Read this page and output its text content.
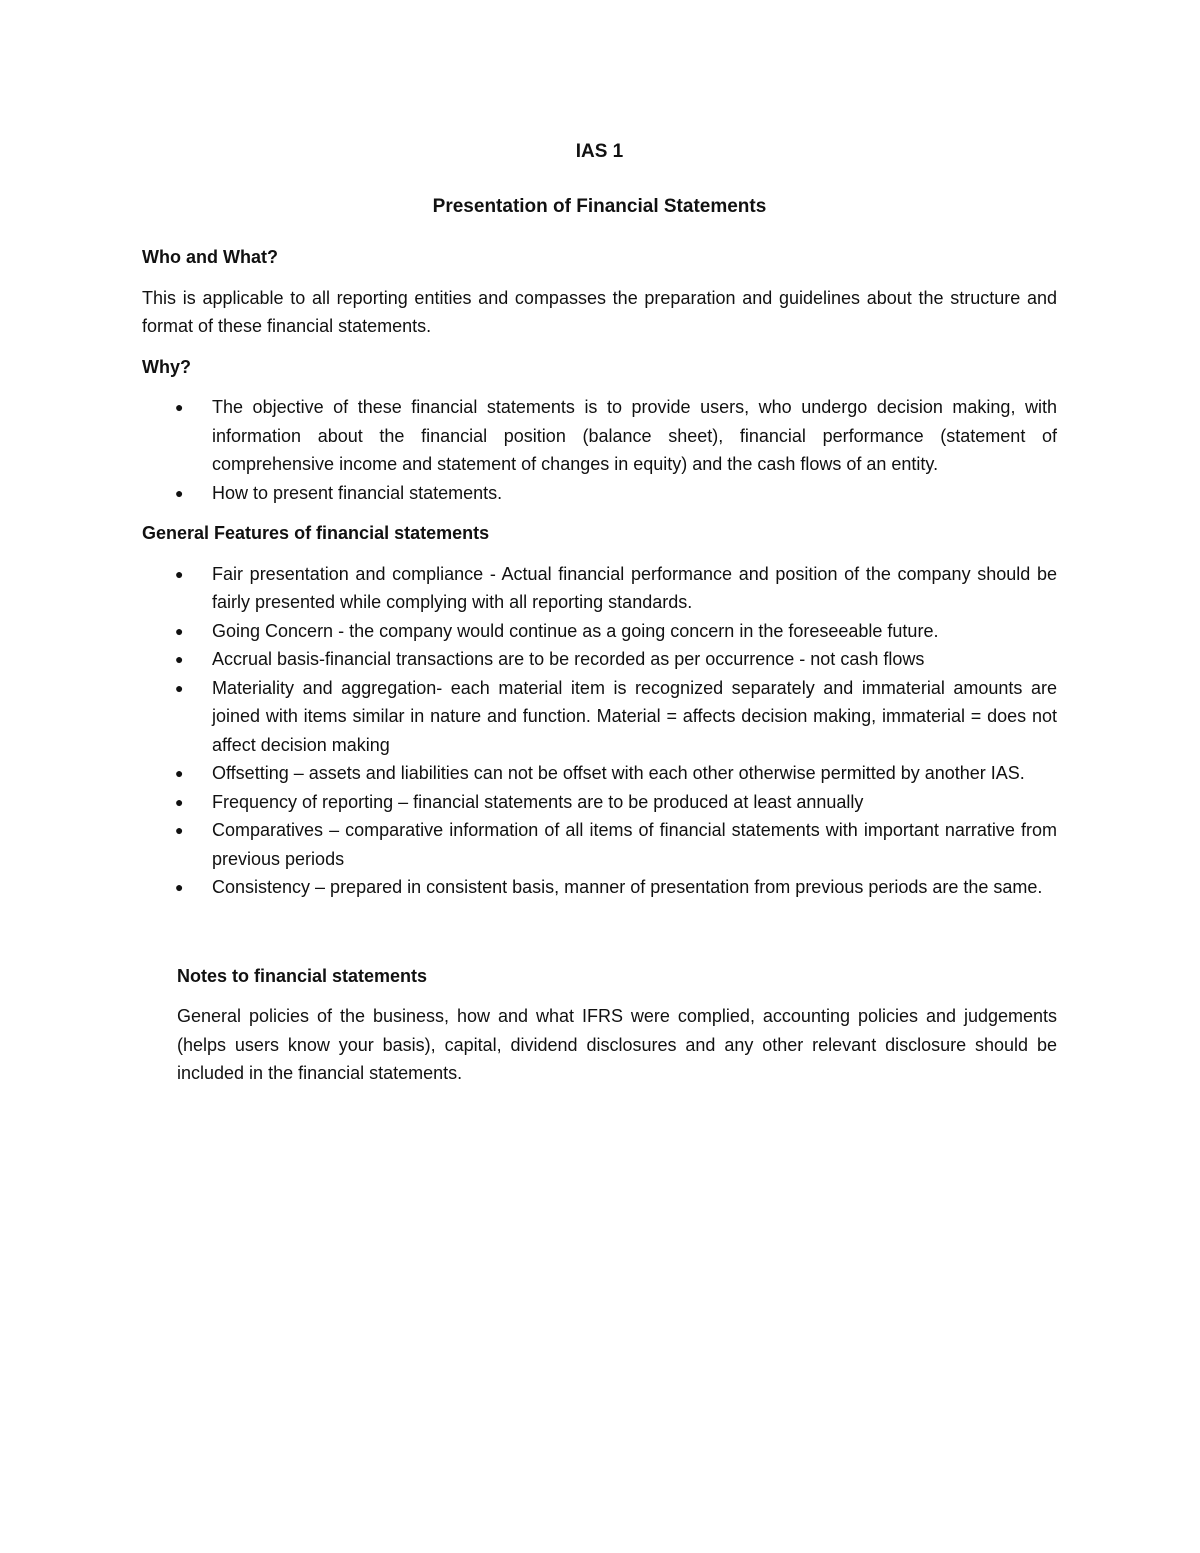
IAS 1
Presentation of Financial Statements
Who and What?

This is applicable to all reporting entities and compasses the preparation and guidelines about the structure and format of these financial statements.

Why?
● The objective of these financial statements is to provide users, who undergo decision making, with information about the financial position (balance sheet), financial performance (statement of comprehensive income and statement of changes in equity) and the cash flows of an entity.
● How to present financial statements.
General Features of financial statements
● Fair presentation and compliance - Actual financial performance and position of the company should be fairly presented while complying with all reporting standards.
● Going Concern - the company would continue as a going concern in the foreseeable future.
● Accrual basis-financial transactions are to be recorded as per occurrence - not cash flows
● Materiality and aggregation- each material item is recognized separately and immaterial amounts are joined with items similar in nature and function. Material = affects decision making, immaterial = does not affect decision making
● Offsetting – assets and liabilities can not be offset with each other otherwise permitted by another IAS.
● Frequency of reporting – financial statements are to be produced at least annually
● Comparatives – comparative information of all items of financial statements with important narrative from previous periods
● Consistency – prepared in consistent basis, manner of presentation from previous periods are the same.
Notes to financial statements

General policies of the business, how and what IFRS were complied, accounting policies and judgements (helps users know your basis), capital, dividend disclosures and any other relevant disclosure should be included in the financial statements.
